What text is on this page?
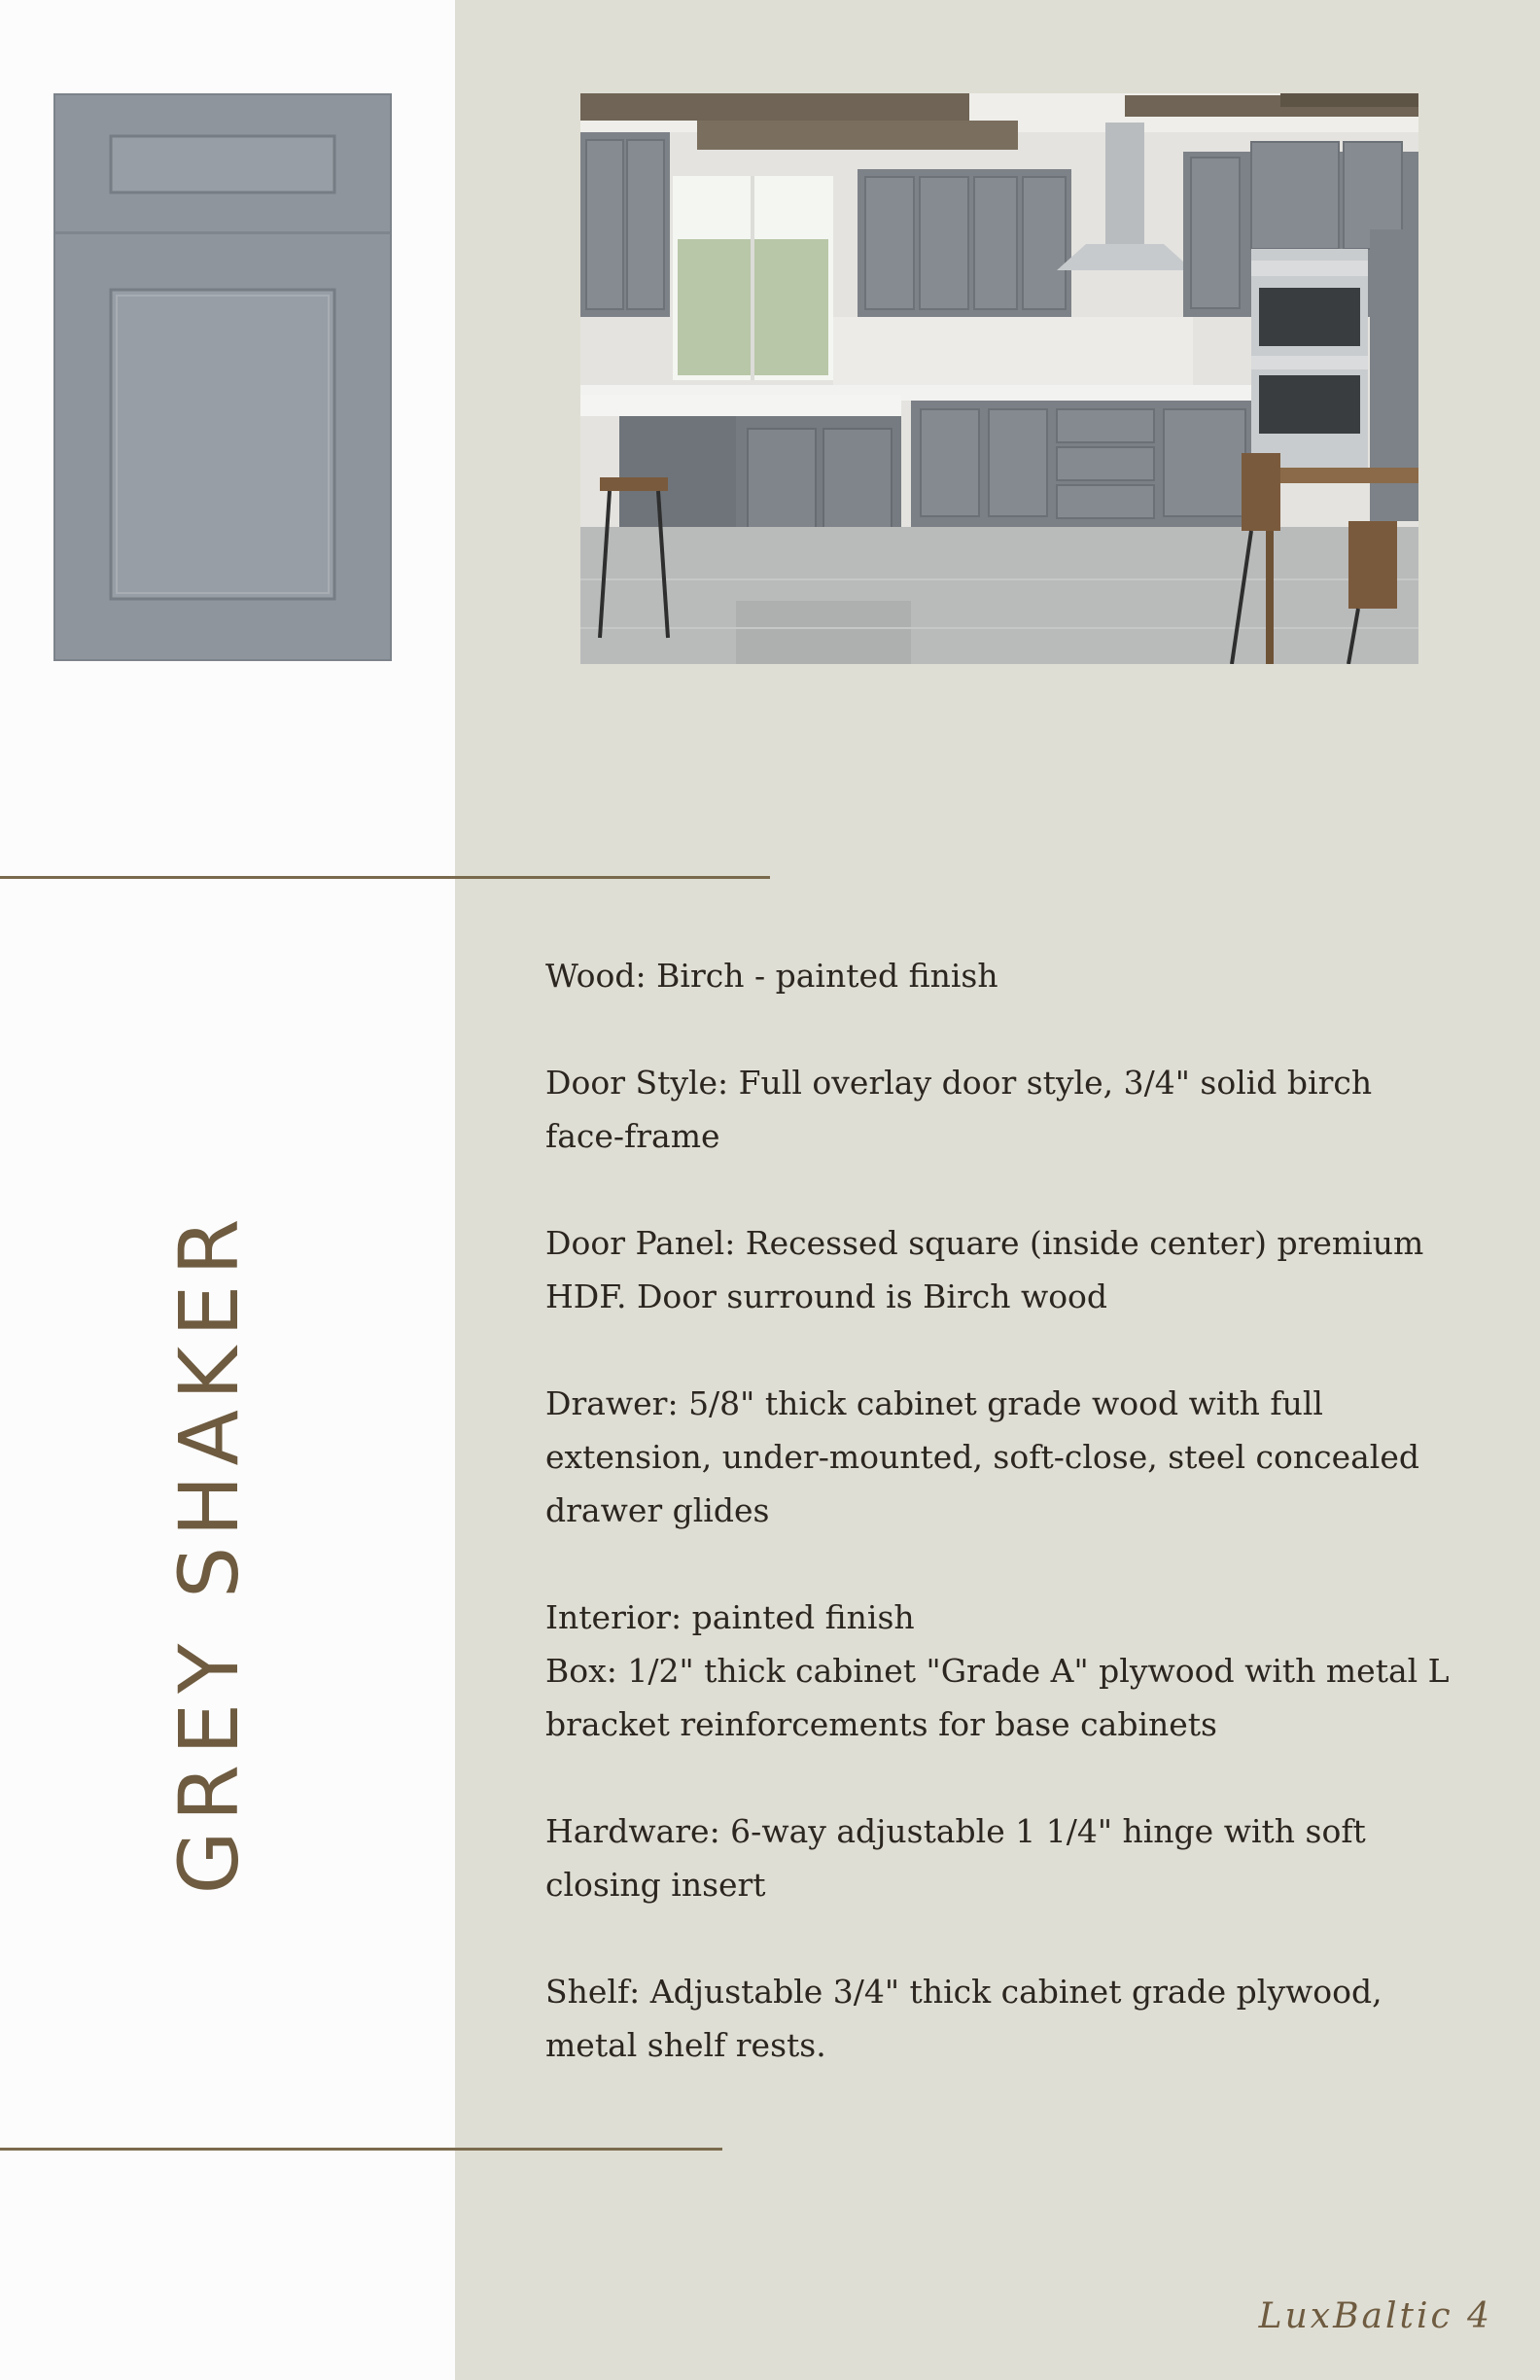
GREY SHAKER

Wood: Birch - painted finish

Door Style: Full overlay door style, 3/4" solid birch face-frame

Door Panel: Recessed square (inside center) premium HDF. Door surround is Birch wood

Drawer: 5/8" thick cabinet grade wood with full extension, under-mounted, soft-close, steel concealed drawer glides

Interior: painted finish

Box: 1/2" thick cabinet "Grade A" plywood with metal L bracket reinforcements for base cabinets

Hardware: 6-way adjustable 1 1/4" hinge with soft closing insert

Shelf: Adjustable 3/4" thick cabinet grade plywood, metal shelf rests.

LuxBaltic 4
